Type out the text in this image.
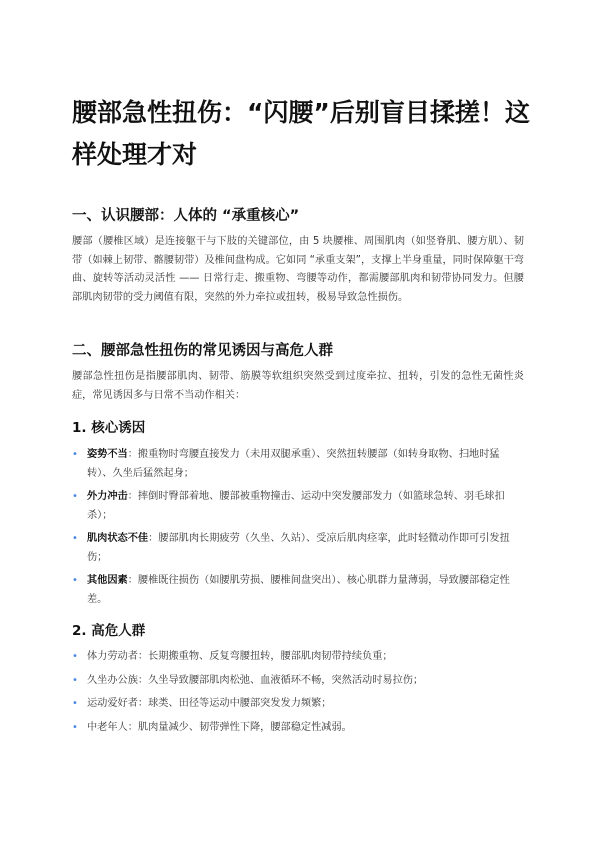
腰部急性扭伤：“闪腰”后别盲目揉搓！这样处理才对
一、认识腰部：人体的 “承重核心”

腰部（腰椎区域）是连接躯干与下肢的关键部位，由 5 块腰椎、周围肌肉（如竖脊肌、腰方肌）、韧带（如棘上韧带、髂腰韧带）及椎间盘构成。它如同 “承重支架”，支撑上半身重量，同时保障躯干弯曲、旋转等活动灵活性 —— 日常行走、搬重物、弯腰等动作，都需腰部肌肉和韧带协同发力。但腰部肌肉韧带的受力阈值有限，突然的外力牵拉或扭转，极易导致急性损伤。

二、腰部急性扭伤的常见诱因与高危人群

腰部急性扭伤是指腰部肌肉、韧带、筋膜等软组织突然受到过度牵拉、扭转，引发的急性无菌性炎症，常见诱因多与日常不当动作相关：

1. 核心诱因
• 姿势不当：搬重物时弯腰直接发力（未用双腿承重）、突然扭转腰部（如转身取物、扫地时猛转）、久坐后猛然起身；
• 外力冲击：摔倒时臀部着地、腰部被重物撞击、运动中突发腰部发力（如篮球急转、羽毛球扣杀）；
• 肌肉状态不佳：腰部肌肉长期疲劳（久坐、久站）、受凉后肌肉痉挛，此时轻微动作即可引发扭伤；
• 其他因素：腰椎既往损伤（如腰肌劳损、腰椎间盘突出）、核心肌群力量薄弱，导致腰部稳定性差。
2. 高危人群
• 体力劳动者：长期搬重物、反复弯腰扭转，腰部肌肉韧带持续负重；
• 久坐办公族：久坐导致腰部肌肉松弛、血液循环不畅，突然活动时易拉伤；
• 运动爱好者：球类、田径等运动中腰部突发发力频繁；
• 中老年人：肌肉量减少、韧带弹性下降，腰部稳定性减弱。
